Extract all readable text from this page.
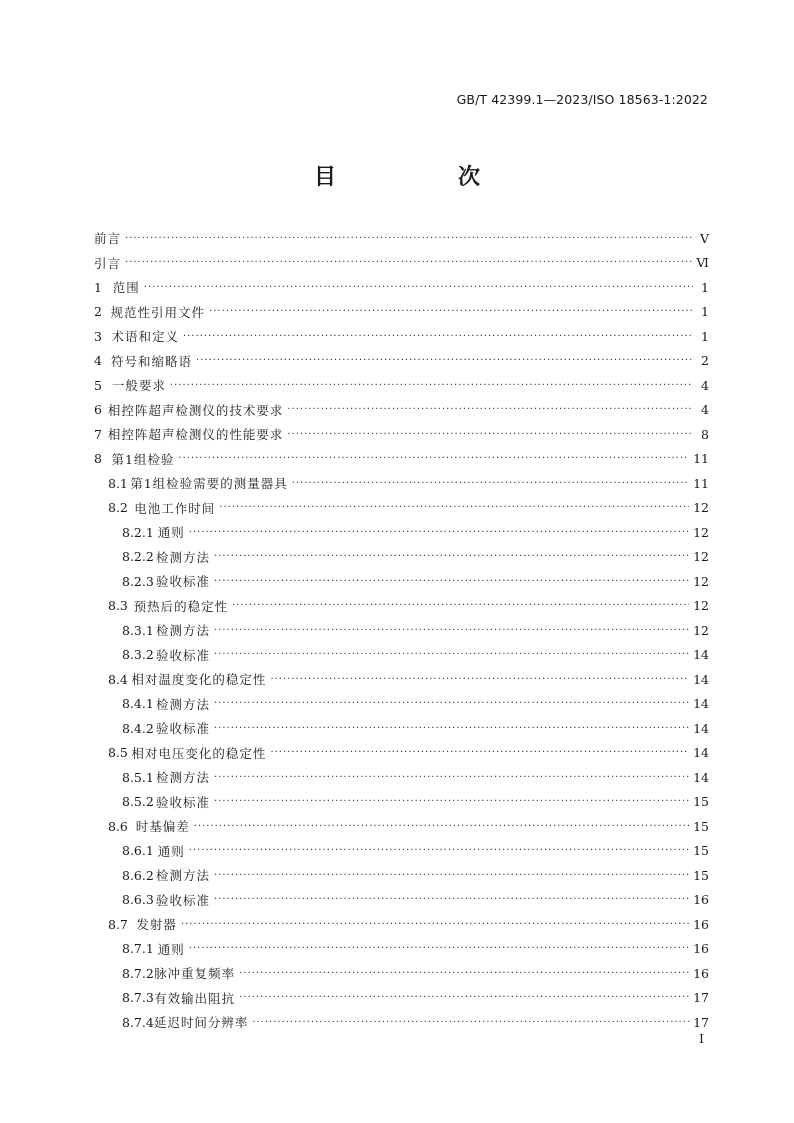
GB/T 42399.1—2023/ISO 18563-1:2022
目　次
前言 ·····	Ⅴ
引言 ·····	Ⅵ
1 范围 ·····	1
2 规范性引用文件 ·····	1
3 术语和定义 ·····	1
4 符号和缩略语 ·····	2
5 一般要求 ·····	4
6 相控阵超声检测仪的技术要求 ·····	4
7 相控阵超声检测仪的性能要求 ·····	8
8 第1组检验 ·····	11
8.1 第1组检验需要的测量器具 ·····	11
8.2 电池工作时间 ·····	12
8.2.1 通则 ·····	12
8.2.2 检测方法 ·····	12
8.2.3 验收标准 ·····	12
8.3 预热后的稳定性 ·····	12
8.3.1 检测方法 ·····	12
8.3.2 验收标准 ·····	14
8.4 相对温度变化的稳定性 ·····	14
8.4.1 检测方法 ·····	14
8.4.2 验收标准 ·····	14
8.5 相对电压变化的稳定性 ·····	14
8.5.1 检测方法 ·····	14
8.5.2 验收标准 ·····	15
8.6 时基偏差 ·····	15
8.6.1 通则 ·····	15
8.6.2 检测方法 ·····	15
8.6.3 验收标准 ·····	16
8.7 发射器 ·····	16
8.7.1 通则 ·····	16
8.7.2 脉冲重复频率 ·····	16
8.7.3 有效输出阻抗 ·····	17
8.7.4 延迟时间分辨率 ·····	17
Ⅰ
